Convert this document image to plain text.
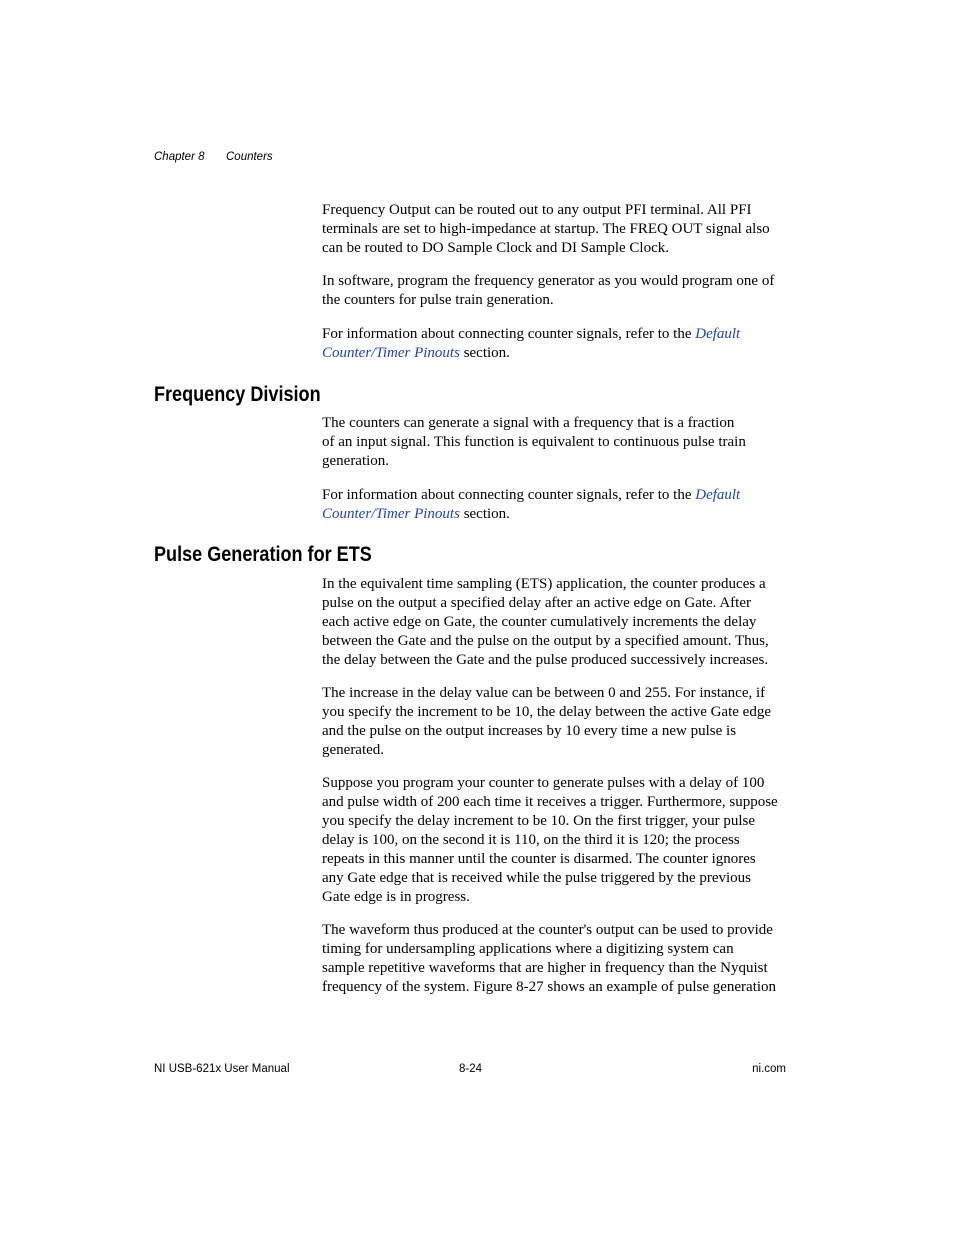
Chapter 8 Counters

Frequency Output can be routed out to any output PFI terminal. All PFI
terminals are set to high-impedance at startup. The FREQ OUT signal also
can be routed to DO Sample Clock and DI Sample Clock.

In software, program the frequency generator as you would program one of
the counters for pulse train generation.

For information about connecting counter signals, refer to the Default
Counter/Timer Pinouts section.

Frequency Division

The counters can generate a signal with a frequency that is a fraction
of an input signal. This function is equivalent to continuous pulse train
generation.

For information about connecting counter signals, refer to the Default
Counter/Timer Pinouts section.

Pulse Generation for ETS

In the equivalent time sampling (ETS) application, the counter produces a
pulse on the output a specified delay after an active edge on Gate. After
each active edge on Gate, the counter cumulatively increments the delay
between the Gate and the pulse on the output by a specified amount. Thus,
the delay between the Gate and the pulse produced successively increases.

The increase in the delay value can be between 0 and 255. For instance, if
you specify the increment to be 10, the delay between the active Gate edge
and the pulse on the output increases by 10 every time a new pulse is
generated.

Suppose you program your counter to generate pulses with a delay of 100
and pulse width of 200 each time it receives a trigger. Furthermore, suppose
you specify the delay increment to be 10. On the first trigger, your pulse
delay is 100, on the second it is 110, on the third it is 120; the process
repeats in this manner until the counter is disarmed. The counter ignores
any Gate edge that is received while the pulse triggered by the previous
Gate edge is in progress.

The waveform thus produced at the counter's output can be used to provide
timing for undersampling applications where a digitizing system can
sample repetitive waveforms that are higher in frequency than the Nyquist
frequency of the system. Figure 8-27 shows an example of pulse generation

NI USB-621x User Manual	8-24	ni.com
